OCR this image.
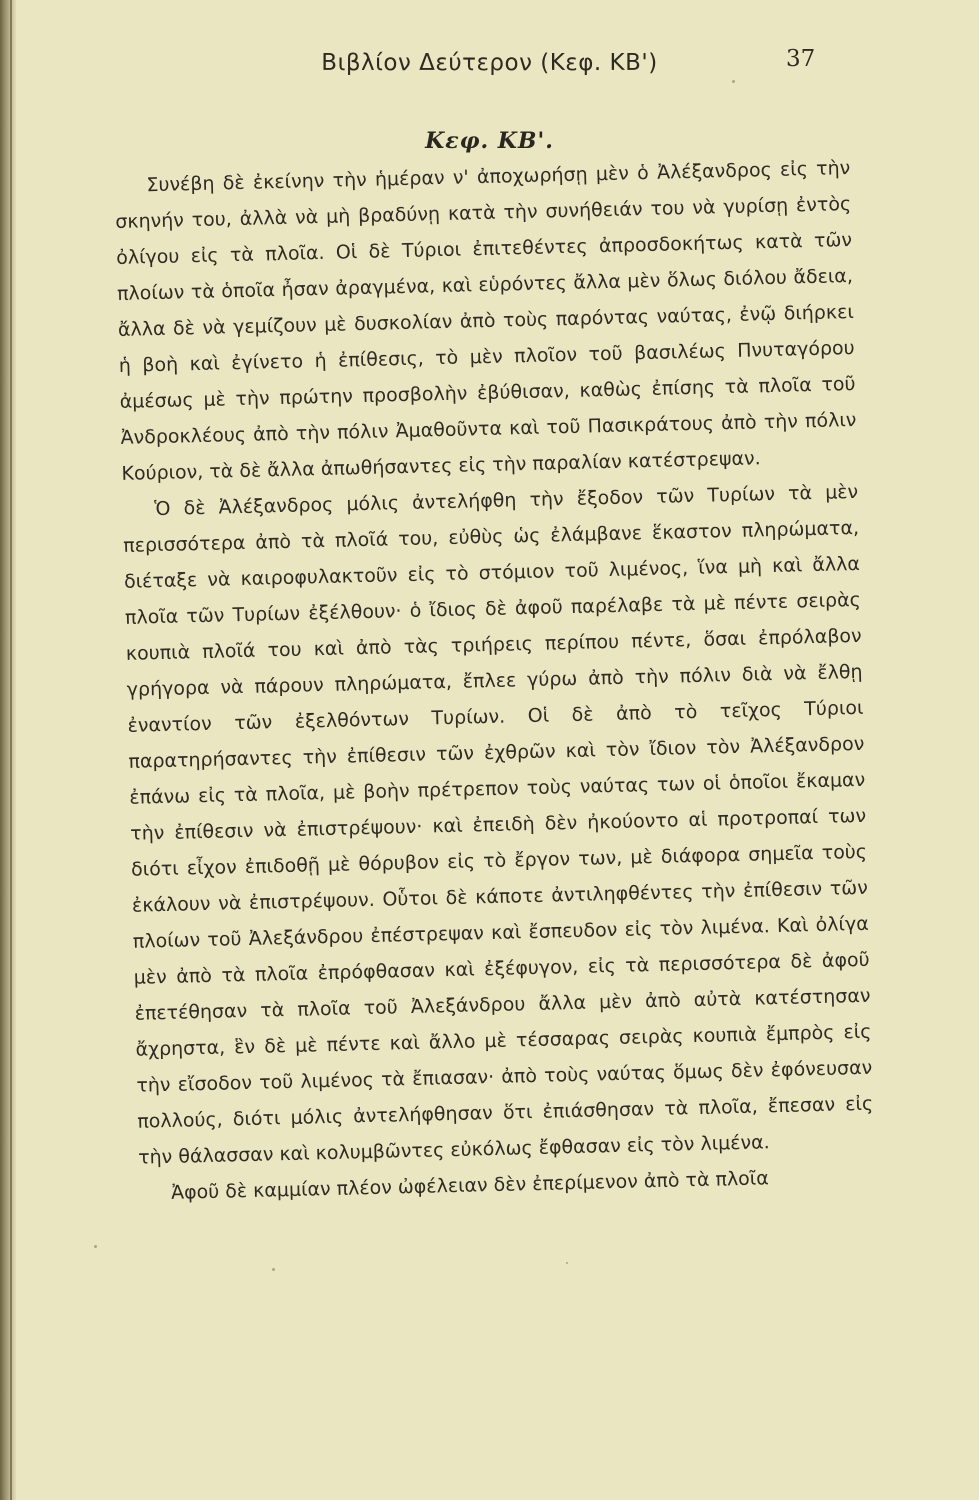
Βιβλίον Δεύτερον (Κεφ. ΚΒ')	37
Κεφ. ΚΒ'.

Συνέβη δὲ ἐκείνην τὴν ἡμέραν ν' ἀποχωρήσῃ μὲν ὁ Ἀλέξανδρος εἰς τὴν σκηνήν του, ἀλλὰ νὰ μὴ βραδύνῃ κατὰ τὴν συνήθειάν του νὰ γυρίσῃ ἐντὸς ὀλίγου εἰς τὰ πλοῖα. Οἱ δὲ Τύριοι ἐπιτεθέντες ἀπροσδοκήτως κατὰ τῶν πλοίων τὰ ὁποῖα ἦσαν ἀραγμένα, καὶ εὑρόντες ἄλλα μὲν ὅλως διόλου ἄδεια, ἄλλα δὲ νὰ γεμίζουν μὲ δυσκολίαν ἀπὸ τοὺς παρόντας ναύτας, ἐνῷ διήρκει ἡ βοὴ καὶ ἐγίνετο ἡ ἐπίθεσις, τὸ μὲν πλοῖον τοῦ βασιλέως Πνυταγόρου ἀμέσως μὲ τὴν πρώτην προσβολὴν ἐβύθισαν, καθὼς ἐπίσης τὰ πλοῖα τοῦ Ἀνδροκλέους ἀπὸ τὴν πόλιν Ἀμαθοῦντα καὶ τοῦ Πασικράτους ἀπὸ τὴν πόλιν Κούριον, τὰ δὲ ἄλλα ἀπωθήσαντες εἰς τὴν παραλίαν κατέστρεψαν.

Ὁ δὲ Ἀλέξανδρος μόλις ἀντελήφθη τὴν ἔξοδον τῶν Τυρίων τὰ μὲν περισσότερα ἀπὸ τὰ πλοῖά του, εὐθὺς ὡς ἐλάμβανε ἕκαστον πληρώματα, διέταξε νὰ καιροφυλακτοῦν εἰς τὸ στόμιον τοῦ λιμένος, ἵνα μὴ καὶ ἄλλα πλοῖα τῶν Τυρίων ἐξέλθουν· ὁ ἴδιος δὲ ἀφοῦ παρέλαβε τὰ μὲ πέντε σειρὰς κουπιὰ πλοῖά του καὶ ἀπὸ τὰς τριήρεις περίπου πέντε, ὅσαι ἐπρόλαβον γρήγορα νὰ πάρουν πληρώματα, ἔπλεε γύρω ἀπὸ τὴν πόλιν διὰ νὰ ἔλθῃ ἐναντίον τῶν ἐξελθόντων Τυρίων. Οἱ δὲ ἀπὸ τὸ τεῖχος Τύριοι παρατηρήσαντες τὴν ἐπίθεσιν τῶν ἐχθρῶν καὶ τὸν ἴδιον τὸν Ἀλέξανδρον ἐπάνω εἰς τὰ πλοῖα, μὲ βοὴν πρέτρεπον τοὺς ναύτας των οἱ ὁποῖοι ἔκαμαν τὴν ἐπίθεσιν νὰ ἐπιστρέψουν· καὶ ἐπειδὴ δὲν ἠκούοντο αἱ προτροπαί των διότι εἶχον ἐπιδοθῇ μὲ θόρυβον εἰς τὸ ἔργον των, μὲ διάφορα σημεῖα τοὺς ἐκάλουν νὰ ἐπιστρέψουν. Οὗτοι δὲ κάποτε ἀντιληφθέντες τὴν ἐπίθεσιν τῶν πλοίων τοῦ Ἀλεξάνδρου ἐπέστρεψαν καὶ ἔσπευδον εἰς τὸν λιμένα. Καὶ ὀλίγα μὲν ἀπὸ τὰ πλοῖα ἐπρόφθασαν καὶ ἐξέφυγον, εἰς τὰ περισσότερα δὲ ἀφοῦ ἐπετέθησαν τὰ πλοῖα τοῦ Ἀλεξάνδρου ἄλλα μὲν ἀπὸ αὐτὰ κατέστησαν ἄχρηστα, ἓν δὲ μὲ πέντε καὶ ἄλλο μὲ τέσσαρας σειρὰς κουπιὰ ἔμπρὸς εἰς τὴν εἴσοδον τοῦ λιμένος τὰ ἔπιασαν· ἀπὸ τοὺς ναύτας ὅμως δὲν ἐφόνευσαν πολλούς, διότι μόλις ἀντελήφθησαν ὅτι ἐπιάσθησαν τὰ πλοῖα, ἔπεσαν εἰς τὴν θάλασσαν καὶ κολυμβῶντες εὐκόλως ἔφθασαν εἰς τὸν λιμένα.

Ἀφοῦ δὲ καμμίαν πλέον ὠφέλειαν δὲν ἐπερίμενον ἀπὸ τὰ πλοῖα
